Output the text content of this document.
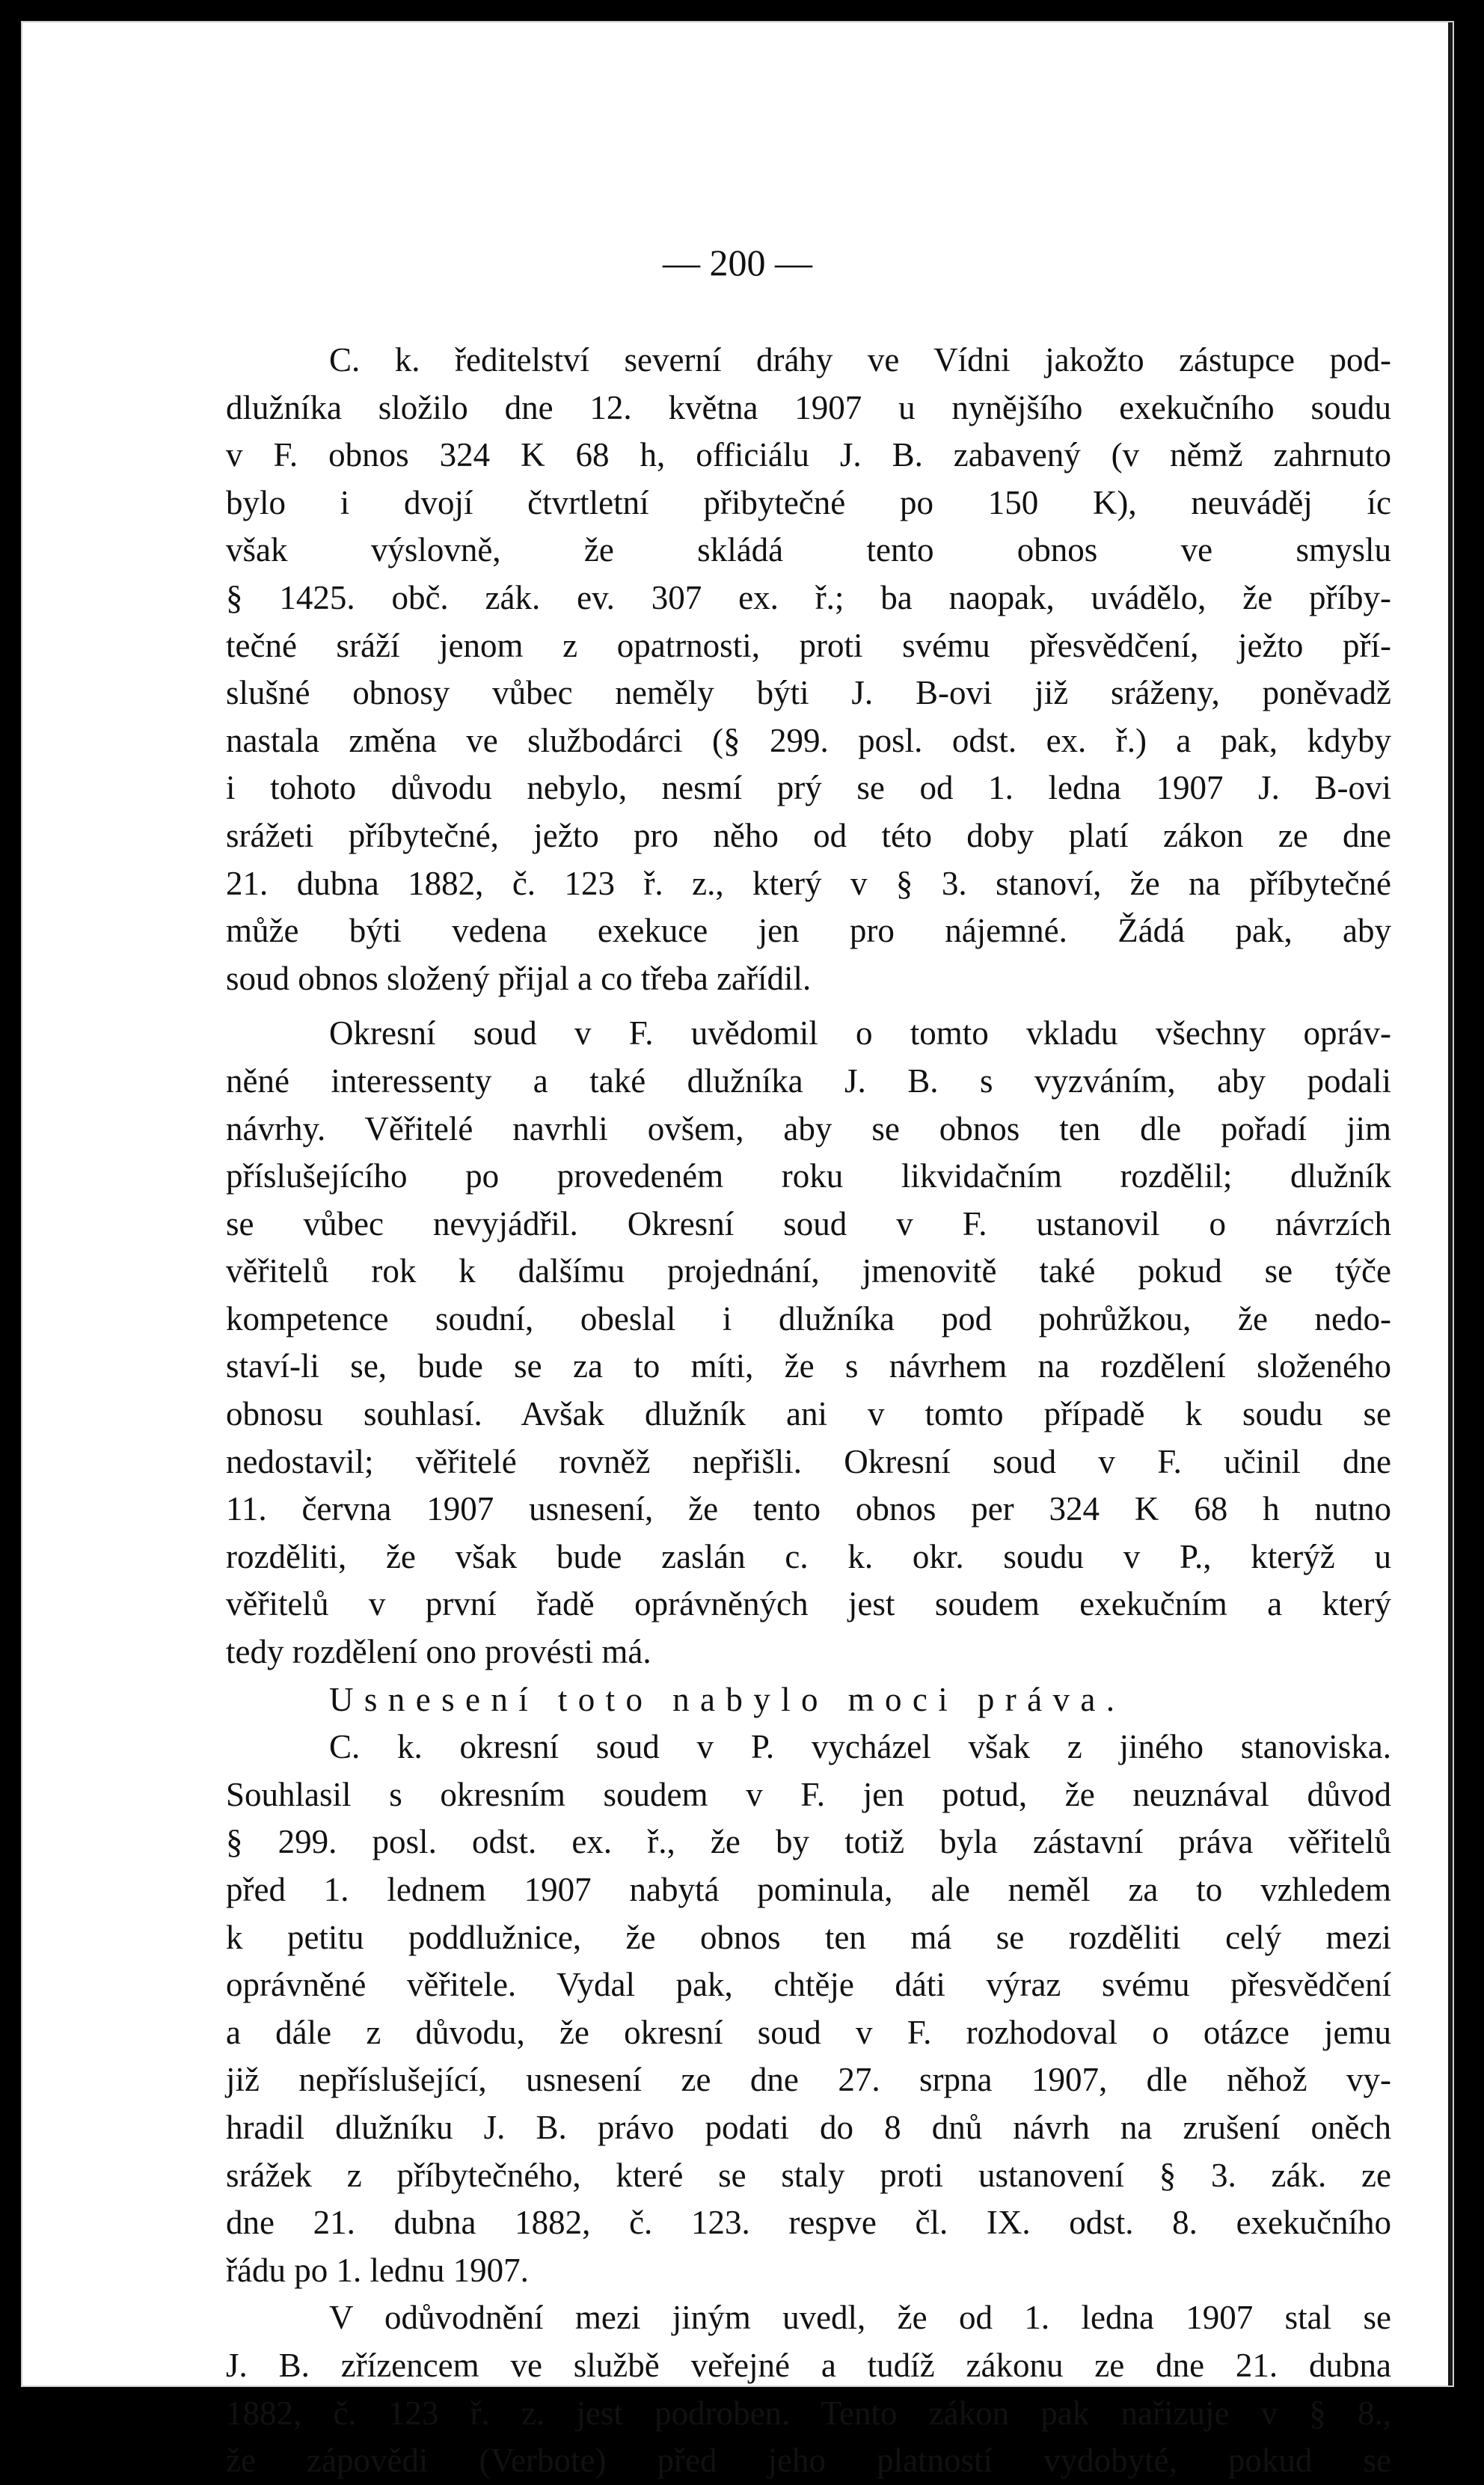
— 200 —
C. k. ředitelství severní dráhy ve Vídni jakožto zástupce pod-
dlužníka složilo dne 12. května 1907 u nynějšího exekučního soudu
v F. obnos 324 K 68 h, officiálu J. B. zabavený (v němž zahrnuto
bylo i dvojí čtvrtletní přibytečné po 150 K), neuváděj íc
však výslovně, že skládá tento obnos ve smyslu
§ 1425. obč. zák. ev. 307 ex. ř.; ba naopak, uvádělo, že příby-
tečné sráží jenom z opatrnosti, proti svému přesvědčení, ježto pří-
slušné obnosy vůbec neměly býti J. B-ovi již sráženy, poněvadž
nastala změna ve službodárci (§ 299. posl. odst. ex. ř.) a pak, kdyby
i tohoto důvodu nebylo, nesmí prý se od 1. ledna 1907 J. B-ovi
srážeti příbytečné, ježto pro něho od této doby platí zákon ze dne
21. dubna 1882, č. 123 ř. z., který v § 3. stanoví, že na příbytečné
může býti vedena exekuce jen pro nájemné. Žádá pak, aby
soud obnos složený přijal a co třeba zařídil.
Okresní soud v F. uvědomil o tomto vkladu všechny opráv-
něné interessenty a také dlužníka J. B. s vyzváním, aby podali
návrhy. Věřitelé navrhli ovšem, aby se obnos ten dle pořadí jim
příslušejícího po provedeném roku likvidačním rozdělil; dlužník
se vůbec nevyjádřil. Okresní soud v F. ustanovil o návrzích
věřitelů rok k dalšímu projednání, jmenovitě také pokud se týče
kompetence soudní, obeslal i dlužníka pod pohrůžkou, že nedo-
staví-li se, bude se za to míti, že s návrhem na rozdělení složeného
obnosu souhlasí. Avšak dlužník ani v tomto případě k soudu se
nedostavil; věřitelé rovněž nepřišli. Okresní soud v F. učinil dne
11. června 1907 usnesení, že tento obnos per 324 K 68 h nutno
rozděliti, že však bude zaslán c. k. okr. soudu v P., kterýž u
věřitelů v první řadě oprávněných jest soudem exekučním a který
tedy rozdělení ono provésti má.
Usnesení toto nabylo moci práva.
C. k. okresní soud v P. vycházel však z jiného stanoviska.
Souhlasil s okresním soudem v F. jen potud, že neuznával důvod
§ 299. posl. odst. ex. ř., že by totiž byla zástavní práva věřitelů
před 1. lednem 1907 nabytá pominula, ale neměl za to vzhledem
k petitu poddlužnice, že obnos ten má se rozděliti celý mezi
oprávněné věřitele. Vydal pak, chtěje dáti výraz svému přesvědčení
a dále z důvodu, že okresní soud v F. rozhodoval o otázce jemu
již nepříslušející, usnesení ze dne 27. srpna 1907, dle něhož vy-
hradil dlužníku J. B. právo podati do 8 dnů návrh na zrušení oněch
srážek z příbytečného, které se staly proti ustanovení § 3. zák. ze
dne 21. dubna 1882, č. 123. respve čl. IX. odst. 8. exekučního
řádu po 1. lednu 1907.
V odůvodnění mezi jiným uvedl, že od 1. ledna 1907 stal se
J. B. zřízencem ve službě veřejné a tudíž zákonu ze dne 21. dubna
1882, č. 123 ř. z. jest podroben. Tento zákon pak nařizuje v § 8.,
že zápovědi (Verbote) před jeho platností vydobyté, pokud se
